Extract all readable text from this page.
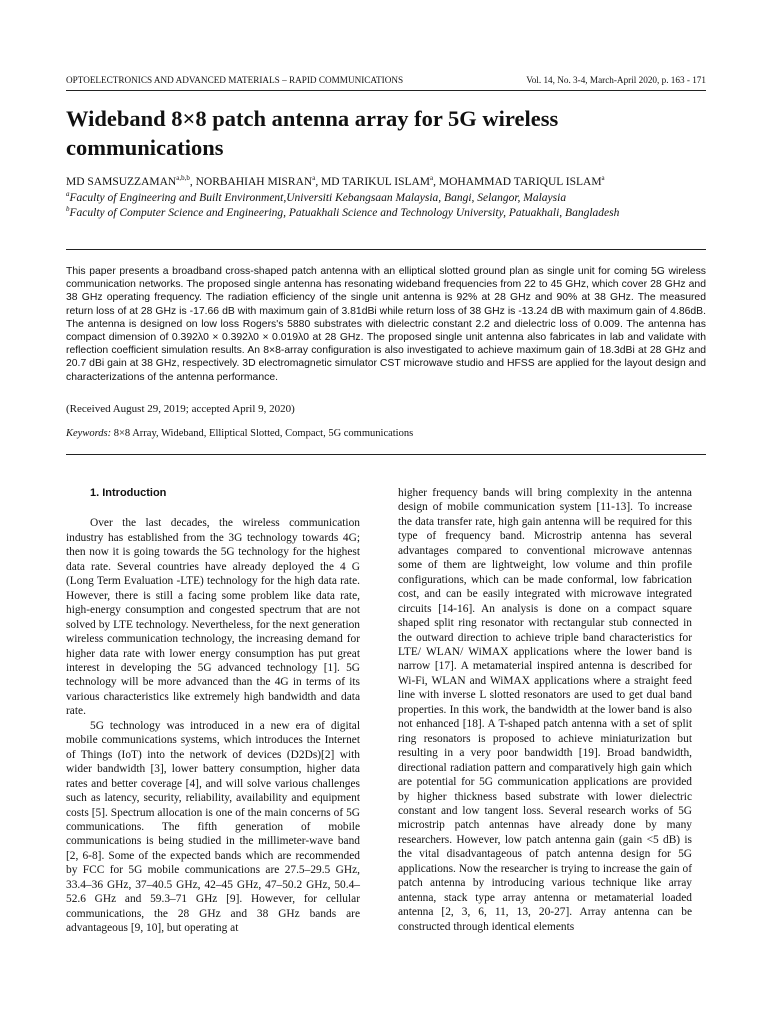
OPTOELECTRONICS AND ADVANCED MATERIALS – RAPID COMMUNICATIONS	Vol. 14, No. 3-4, March-April 2020, p. 163 - 171
Wideband 8×8 patch antenna array for 5G wireless communications
MD SAMSUZZAMAN$^{a,b,b}$, NORBAHIAH MISRAN$^a$, MD TARIKUL ISLAM$^a$, MOHAMMAD TARIQUL ISLAM$^a$
$^a$Faculty of Engineering and Built Environment,Universiti Kebangsaan Malaysia, Bangi, Selangor, Malaysia
$^b$Faculty of Computer Science and Engineering, Patuakhali Science and Technology University, Patuakhali, Bangladesh

This paper presents a broadband cross-shaped patch antenna with an elliptical slotted ground plan as single unit for coming 5G wireless communication networks. The proposed single antenna has resonating wideband frequencies from 22 to 45 GHz, which cover 28 GHz and 38 GHz operating frequency. The radiation efficiency of the single unit antenna is 92% at 28 GHz and 90% at 38 GHz. The measured return loss of at 28 GHz is -17.66 dB with maximum gain of 3.81dBi while return loss of 38 GHz is -13.24 dB with maximum gain of 4.86dB. The antenna is designed on low loss Rogers's 5880 substrates with dielectric constant 2.2 and dielectric loss of 0.009. The antenna has compact dimension of 0.392λ0 × 0.392λ0 × 0.019λ0 at 28 GHz. The proposed single unit antenna also fabricates in lab and validate with reflection coefficient simulation results. An 8×8-array configuration is also investigated to achieve maximum gain of 18.3dBi at 28 GHz and 20.7 dBi gain at 38 GHz, respectively. 3D electromagnetic simulator CST microwave studio and HFSS are applied for the layout design and characterizations of the antenna performance.

(Received August 29, 2019; accepted April 9, 2020)
Keywords: 8×8 Array, Wideband, Elliptical Slotted, Compact, 5G communications

1. Introduction

Over the last decades, the wireless communication industry has established from the 3G technology towards 4G; then now it is going towards the 5G technology for the highest data rate. Several countries have already deployed the 4 G (Long Term Evaluation -LTE) technology for the high data rate. However, there is still a facing some problem like data rate, high-energy consumption and congested spectrum that are not solved by LTE technology. Nevertheless, for the next generation wireless communication technology, the increasing demand for higher data rate with lower energy consumption has put great interest in developing the 5G advanced technology [1]. 5G technology will be more advanced than the 4G in terms of its various characteristics like extremely high bandwidth and data rate.

5G technology was introduced in a new era of digital mobile communications systems, which introduces the Internet of Things (IoT) into the network of devices (D2Ds)[2] with wider bandwidth [3], lower battery consumption, higher data rates and better coverage [4], and will solve various challenges such as latency, security, reliability, availability and equipment costs [5]. Spectrum allocation is one of the main concerns of 5G communications. The fifth generation of mobile communications is being studied in the millimeter-wave band [2, 6-8]. Some of the expected bands which are recommended by FCC for 5G mobile communications are 27.5–29.5 GHz, 33.4–36 GHz, 37–40.5 GHz, 42–45 GHz, 47–50.2 GHz, 50.4–52.6 GHz and 59.3–71 GHz [9]. However, for cellular communications, the 28 GHz and 38 GHz bands are advantageous [9, 10], but operating at

higher frequency bands will bring complexity in the antenna design of mobile communication system [11-13]. To increase the data transfer rate, high gain antenna will be required for this type of frequency band. Microstrip antenna has several advantages compared to conventional microwave antennas some of them are lightweight, low volume and thin profile configurations, which can be made conformal, low fabrication cost, and can be easily integrated with microwave integrated circuits [14-16]. An analysis is done on a compact square shaped split ring resonator with rectangular stub connected in the outward direction to achieve triple band characteristics for LTE/ WLAN/ WiMAX applications where the lower band is narrow [17]. A metamaterial inspired antenna is described for Wi-Fi, WLAN and WiMAX applications where a straight feed line with inverse L slotted resonators are used to get dual band properties. In this work, the bandwidth at the lower band is also not enhanced [18]. A T-shaped patch antenna with a set of split ring resonators is proposed to achieve miniaturization but resulting in a very poor bandwidth [19]. Broad bandwidth, directional radiation pattern and comparatively high gain which are potential for 5G communication applications are provided by higher thickness based substrate with lower dielectric constant and low tangent loss. Several research works of 5G microstrip patch antennas have already done by many researchers. However, low patch antenna gain (gain <5 dB) is the vital disadvantageous of patch antenna design for 5G applications. Now the researcher is trying to increase the gain of patch antenna by introducing various technique like array antenna, stack type array antenna or metamaterial loaded antenna [2, 3, 6, 11, 13, 20-27]. Array antenna can be constructed through identical elements
